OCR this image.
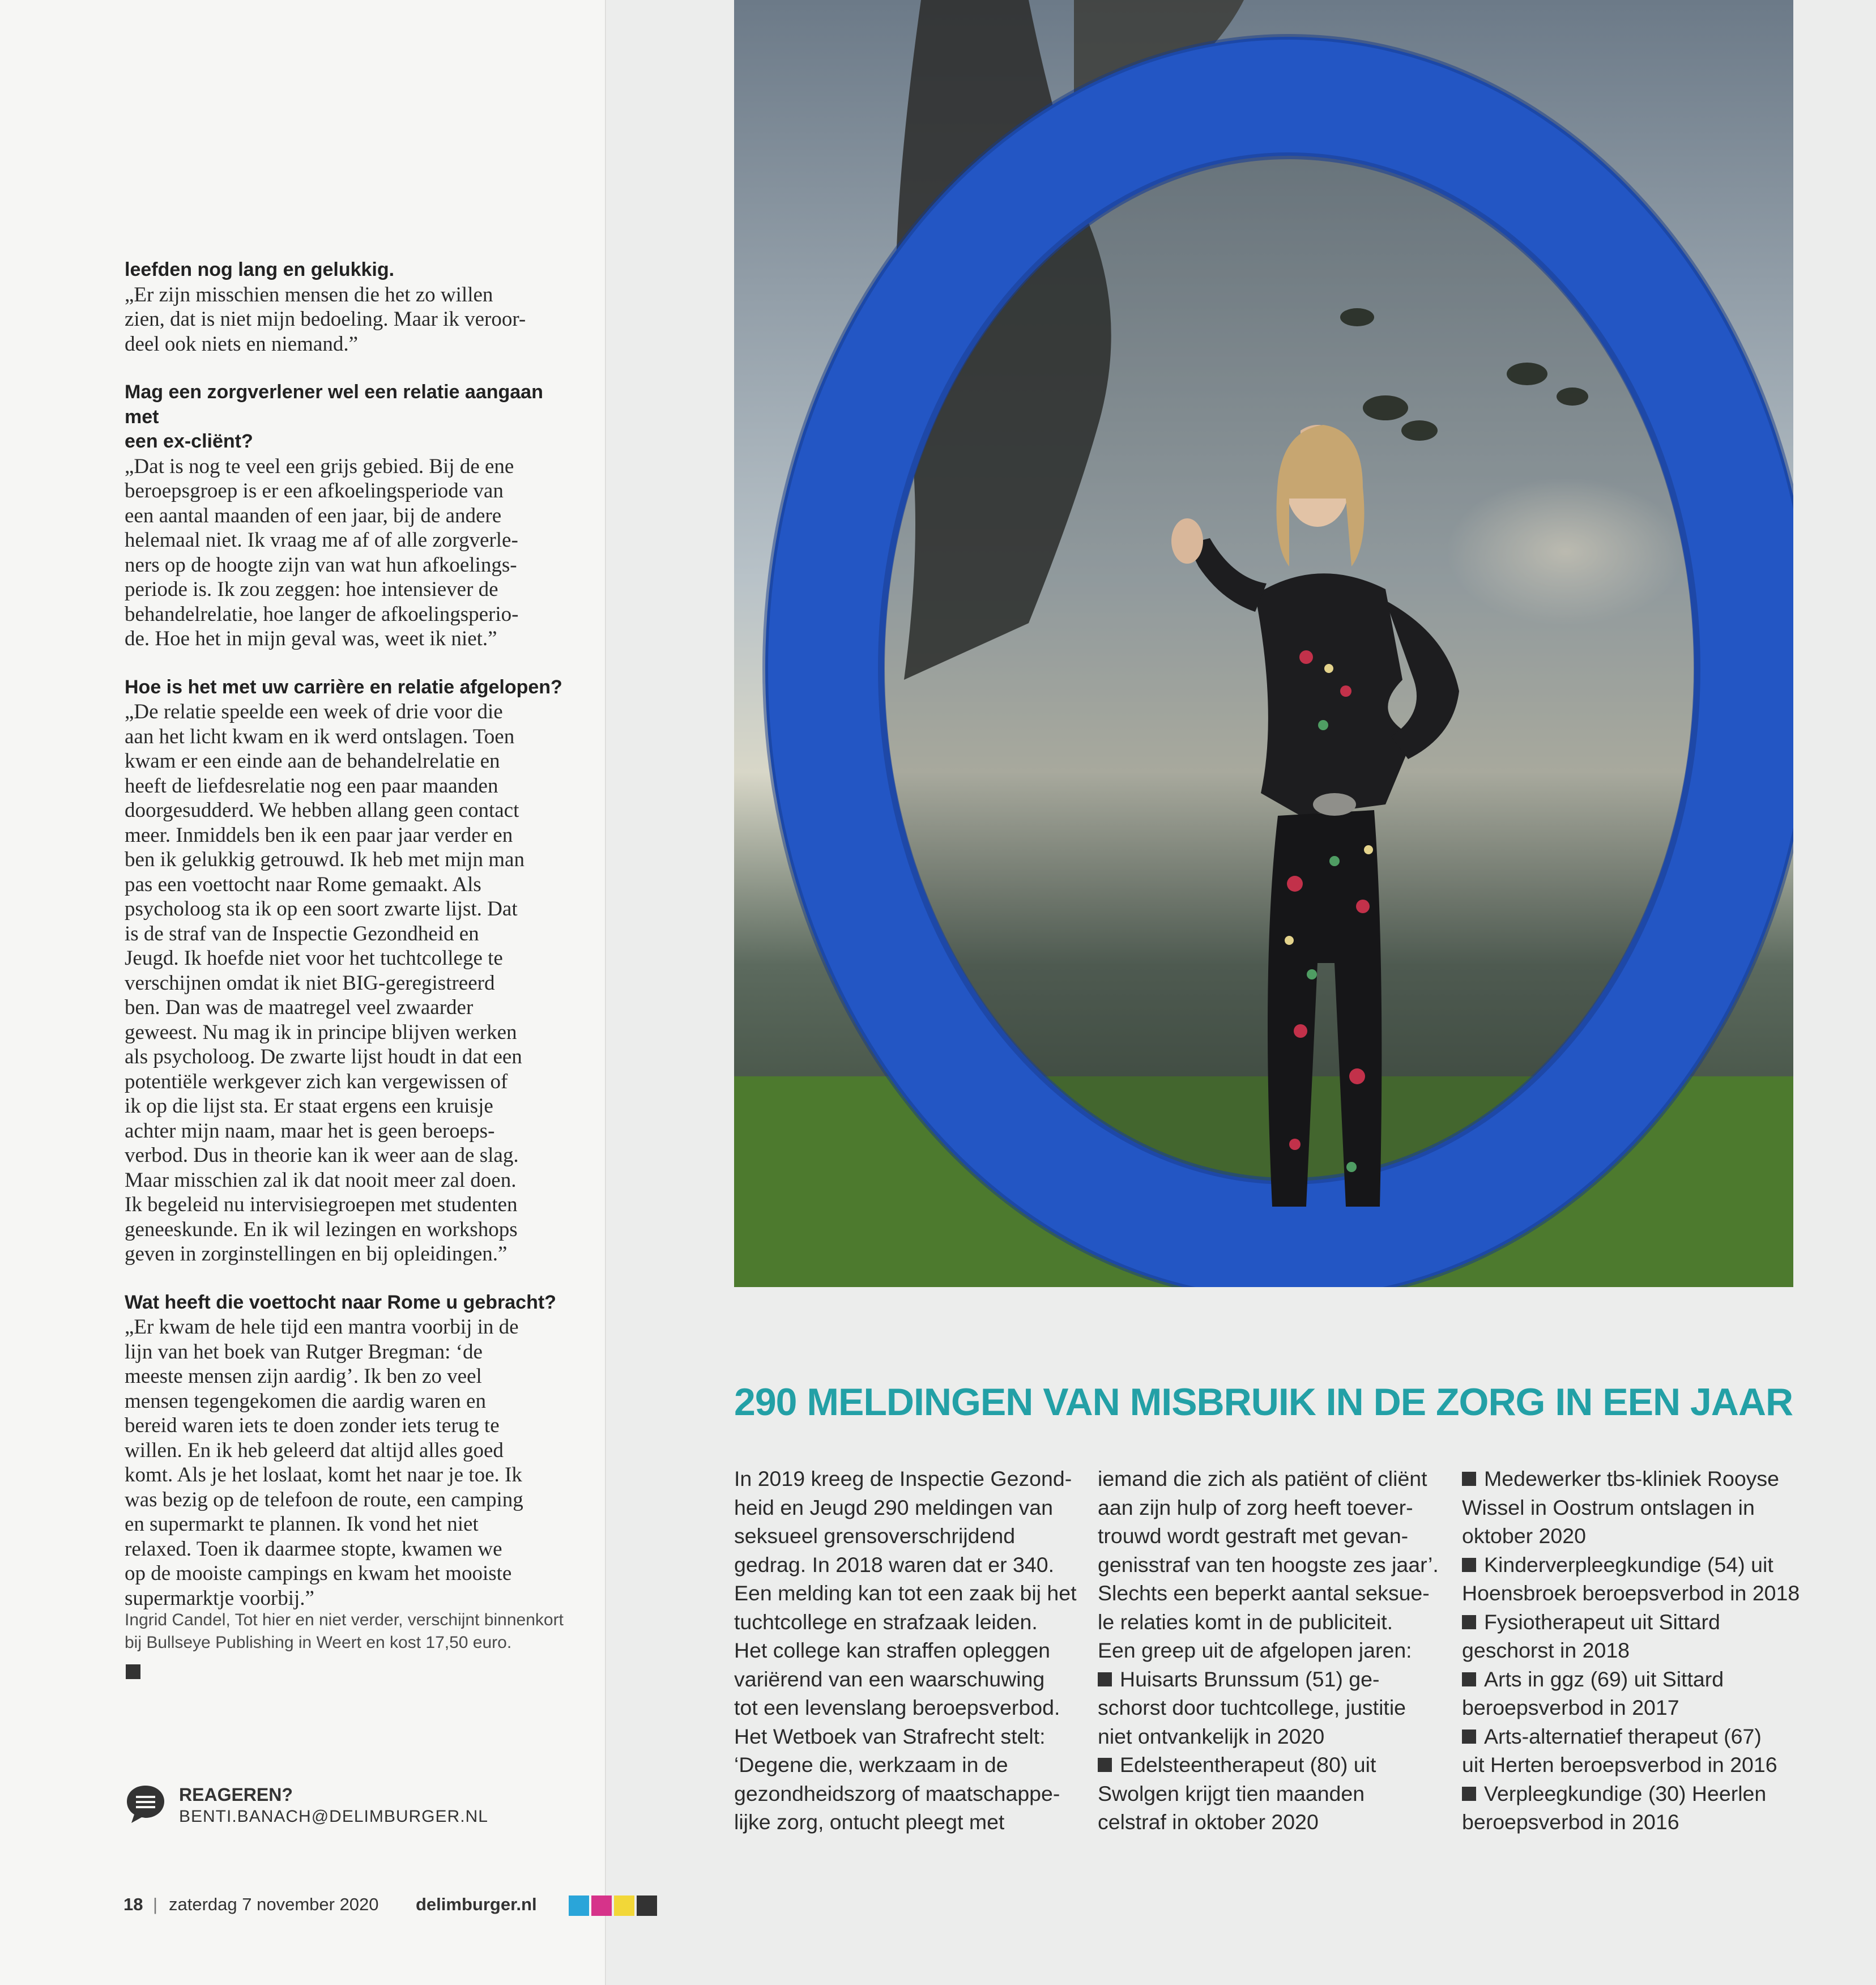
leefden nog lang en gelukkig.

„Er zijn misschien mensen die het zo willen

zien, dat is niet mijn bedoeling. Maar ik veroor-

deel ook niets en niemand.”

Mag een zorgverlener wel een relatie aangaan met

een ex-cliënt?

„Dat is nog te veel een grijs gebied. Bij de ene

beroepsgroep is er een afkoelingsperiode van

een aantal maanden of een jaar, bij de andere

helemaal niet. Ik vraag me af of alle zorgverle-

ners op de hoogte zijn van wat hun afkoelings-

periode is. Ik zou zeggen: hoe intensiever de

behandelrelatie, hoe langer de afkoelingsperio-

de. Hoe het in mijn geval was, weet ik niet.”

Hoe is het met uw carrière en relatie afgelopen?

„De relatie speelde een week of drie voor die

aan het licht kwam en ik werd ontslagen. Toen

kwam er een einde aan de behandelrelatie en

heeft de liefdesrelatie nog een paar maanden

doorgesudderd. We hebben allang geen contact

meer. Inmiddels ben ik een paar jaar verder en

ben ik gelukkig getrouwd. Ik heb met mijn man

pas een voettocht naar Rome gemaakt. Als

psycholoog sta ik op een soort zwarte lijst. Dat

is de straf van de Inspectie Gezondheid en

Jeugd. Ik hoefde niet voor het tuchtcollege te

verschijnen omdat ik niet BIG-geregistreerd

ben. Dan was de maatregel veel zwaarder

geweest. Nu mag ik in principe blijven werken

als psycholoog. De zwarte lijst houdt in dat een

potentiële werkgever zich kan vergewissen of

ik op die lijst sta. Er staat ergens een kruisje

achter mijn naam, maar het is geen beroeps-

verbod. Dus in theorie kan ik weer aan de slag.

Maar misschien zal ik dat nooit meer zal doen.

Ik begeleid nu intervisiegroepen met studenten

geneeskunde. En ik wil lezingen en workshops

geven in zorginstellingen en bij opleidingen.”

Wat heeft die voettocht naar Rome u gebracht?

„Er kwam de hele tijd een mantra voorbij in de

lijn van het boek van Rutger Bregman: ‘de

meeste mensen zijn aardig’. Ik ben zo veel

mensen tegengekomen die aardig waren en

bereid waren iets te doen zonder iets terug te

willen. En ik heb geleerd dat altijd alles goed

komt. Als je het loslaat, komt het naar je toe. Ik

was bezig op de telefoon de route, een camping

en supermarkt te plannen. Ik vond het niet

relaxed. Toen ik daarmee stopte, kwamen we

op de mooiste campings en kwam het mooiste

supermarktje voorbij.”

Ingrid Candel, Tot hier en niet verder, verschijnt binnenkort
bij Bullseye Publishing in Weert en kost 17,50 euro.
REAGEREN?
BENTI.BANACH@DELIMBURGER.NL
18 | zaterdag 7 november 2020 delimburger.nl
290 MELDINGEN VAN MISBRUIK IN DE ZORG IN EEN JAAR

In 2019 kreeg de Inspectie Gezond-

heid en Jeugd 290 meldingen van

seksueel grensoverschrijdend

gedrag. In 2018 waren dat er 340.

Een melding kan tot een zaak bij het

tuchtcollege en strafzaak leiden.

Het college kan straffen opleggen

variërend van een waarschuwing

tot een levenslang beroepsverbod.

Het Wetboek van Strafrecht stelt:

‘Degene die, werkzaam in de

gezondheidszorg of maatschappe-

lijke zorg, ontucht pleegt met

iemand die zich als patiënt of cliënt

aan zijn hulp of zorg heeft toever-

trouwd wordt gestraft met gevan-

genisstraf van ten hoogste zes jaar’.

Slechts een beperkt aantal seksue-

le relaties komt in de publiciteit.

Een greep uit de afgelopen jaren:

Huisarts Brunssum (51) ge-

schorst door tuchtcollege, justitie

niet ontvankelijk in 2020

Edelsteentherapeut (80) uit

Swolgen krijgt tien maanden

celstraf in oktober 2020

Medewerker tbs-kliniek Rooyse

Wissel in Oostrum ontslagen in

oktober 2020

Kinderverpleegkundige (54) uit

Hoensbroek beroepsverbod in 2018

Fysiotherapeut uit Sittard

geschorst in 2018

Arts in ggz (69) uit Sittard

beroepsverbod in 2017

Arts-alternatief therapeut (67)

uit Herten beroepsverbod in 2016

Verpleegkundige (30) Heerlen

beroepsverbod in 2016
